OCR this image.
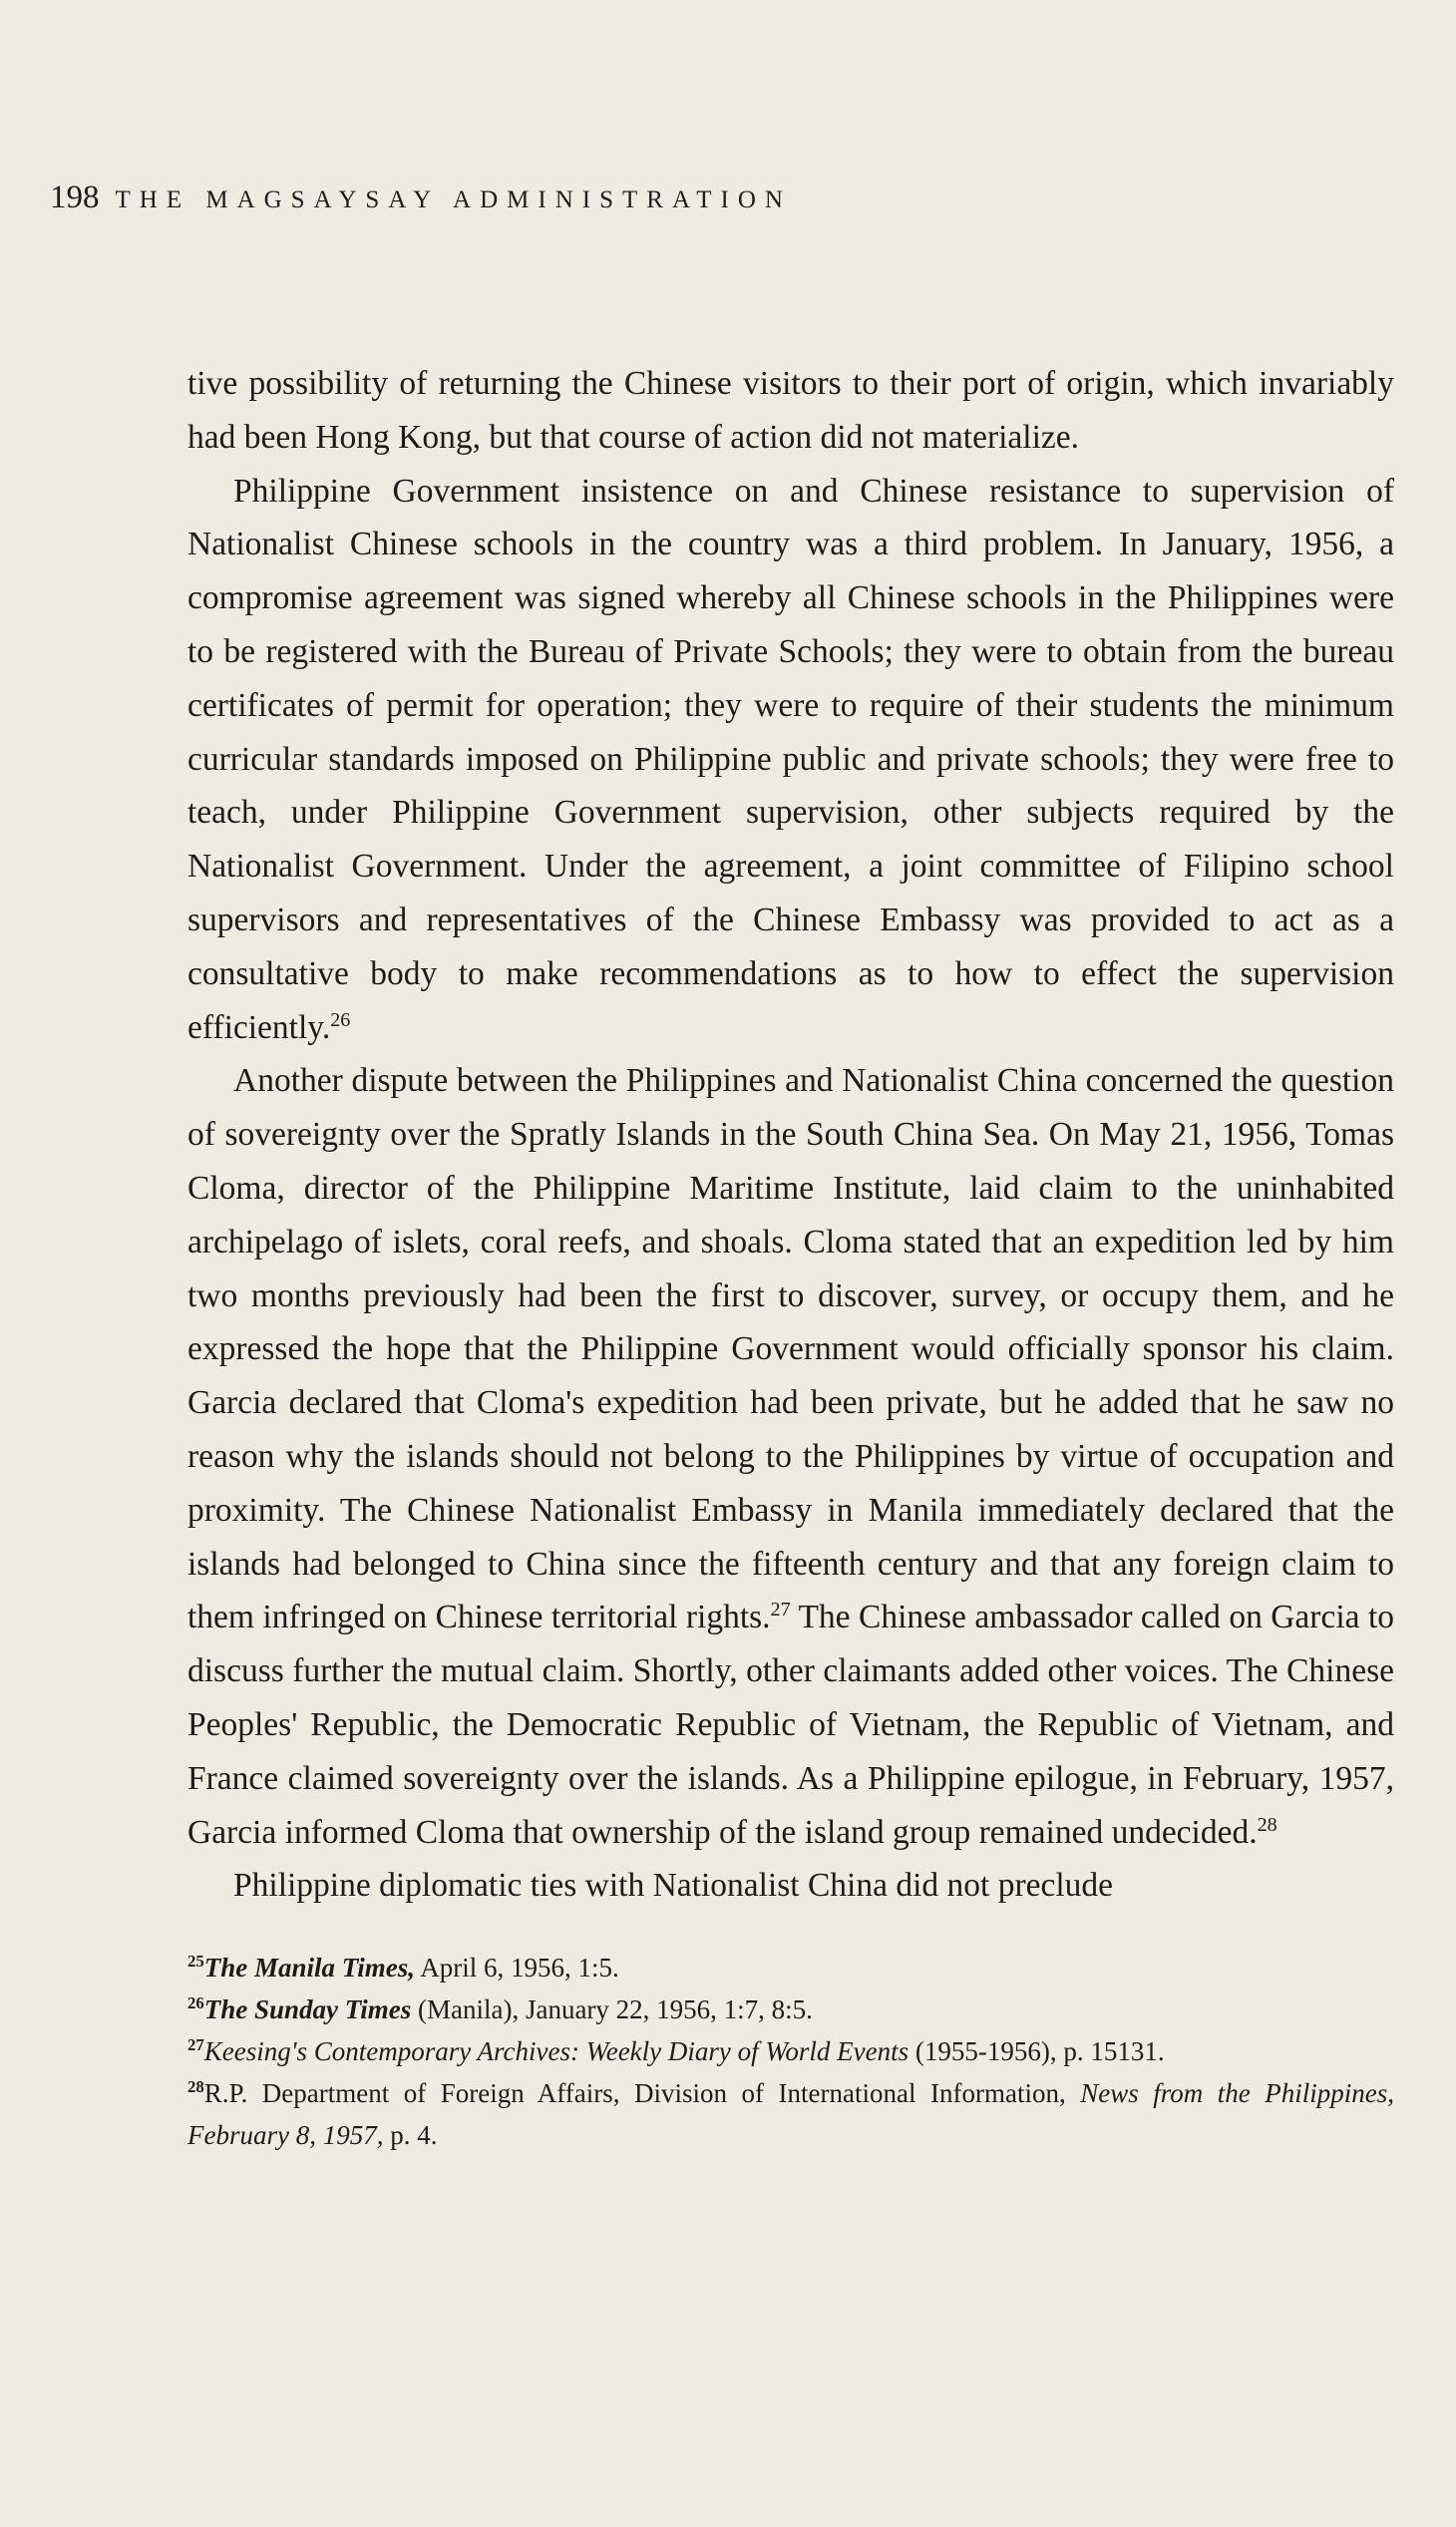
198 THE MAGSAYSAY ADMINISTRATION

tive possibility of returning the Chinese visitors to their port of origin, which invariably had been Hong Kong, but that course of action did not materialize.

Philippine Government insistence on and Chinese resistance to supervision of Nationalist Chinese schools in the country was a third problem. In January, 1956, a compromise agreement was signed whereby all Chinese schools in the Philippines were to be registered with the Bureau of Private Schools; they were to obtain from the bureau certificates of permit for operation; they were to require of their students the minimum curricular standards imposed on Philippine public and private schools; they were free to teach, under Philippine Government supervision, other subjects required by the Nationalist Government. Under the agreement, a joint committee of Filipino school supervisors and representatives of the Chinese Embassy was provided to act as a consultative body to make recommendations as to how to effect the supervision efficiently.$^{26}$

Another dispute between the Philippines and Nationalist China concerned the question of sovereignty over the Spratly Islands in the South China Sea. On May 21, 1956, Tomas Cloma, director of the Philippine Maritime Institute, laid claim to the uninhabited archipelago of islets, coral reefs, and shoals. Cloma stated that an expedition led by him two months previously had been the first to discover, survey, or occupy them, and he expressed the hope that the Philippine Government would officially sponsor his claim. Garcia declared that Cloma's expedition had been private, but he added that he saw no reason why the islands should not belong to the Philippines by virtue of occupation and proximity. The Chinese Nationalist Embassy in Manila immediately declared that the islands had belonged to China since the fifteenth century and that any foreign claim to them infringed on Chinese territorial rights.$^{27}$ The Chinese ambassador called on Garcia to discuss further the mutual claim. Shortly, other claimants added other voices. The Chinese Peoples' Republic, the Democratic Republic of Vietnam, the Republic of Vietnam, and France claimed sovereignty over the islands. As a Philippine epilogue, in February, 1957, Garcia informed Cloma that ownership of the island group remained undecided.$^{28}$

Philippine diplomatic ties with Nationalist China did not preclude

$^{25}$The Manila Times, April 6, 1956, 1:5.

$^{26}$The Sunday Times (Manila), January 22, 1956, 1:7, 8:5.

$^{27}$Keesing's Contemporary Archives: Weekly Diary of World Events (1955-1956), p. 15131.

$^{28}$R.P. Department of Foreign Affairs, Division of International Information, News from the Philippines, February 8, 1957, p. 4.
